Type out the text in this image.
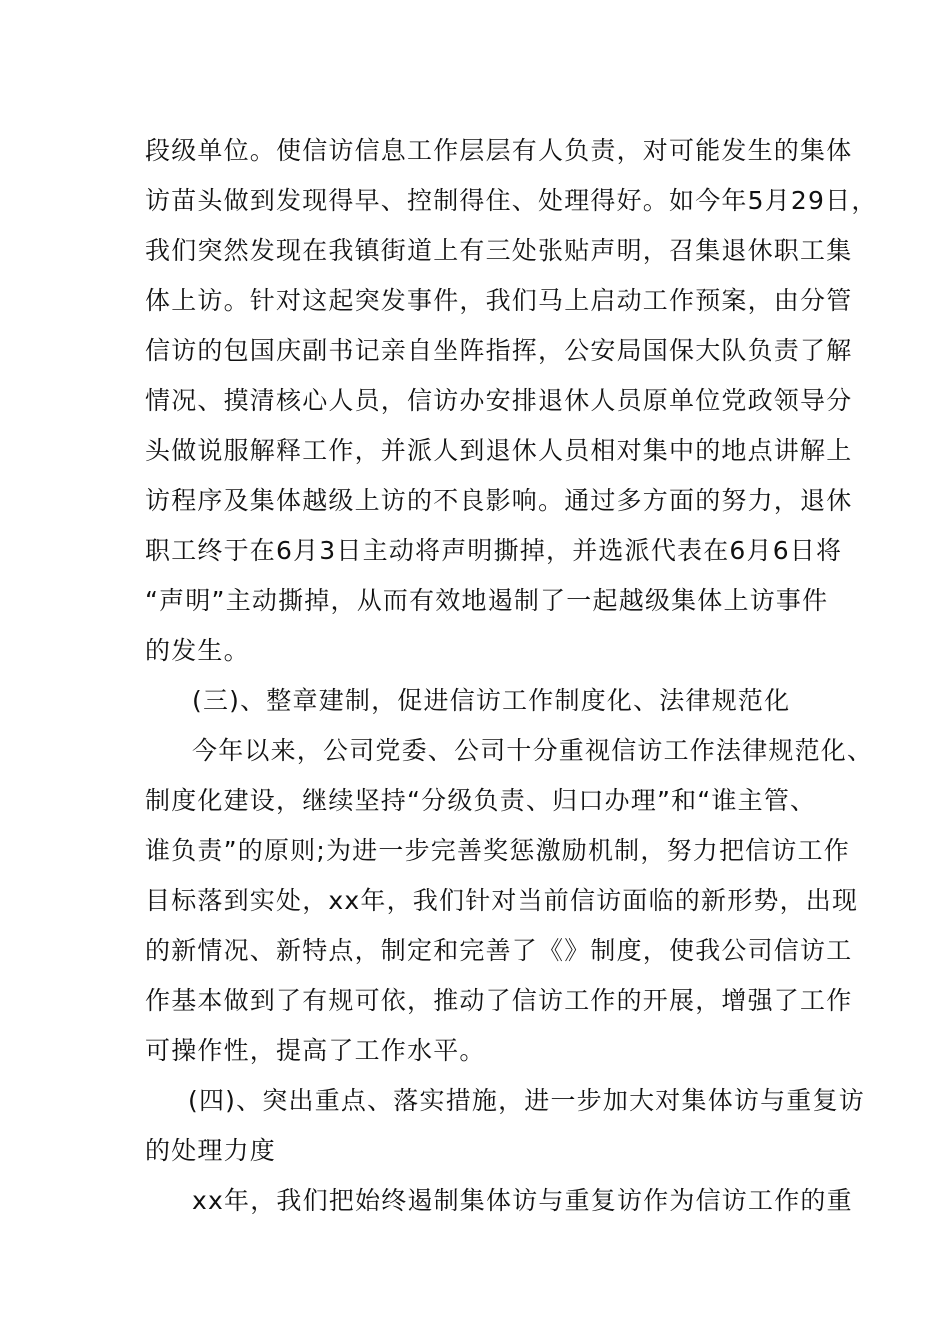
段级单位。使信访信息工作层层有人负责，对可能发生的集体
访苗头做到发现得早、控制得住、处理得好。如今年5月29日，
我们突然发现在我镇街道上有三处张贴声明，召集退休职工集
体上访。针对这起突发事件，我们马上启动工作预案，由分管
信访的包国庆副书记亲自坐阵指挥，公安局国保大队负责了解
情况、摸清核心人员，信访办安排退休人员原单位党政领导分
头做说服解释工作，并派人到退休人员相对集中的地点讲解上
访程序及集体越级上访的不良影响。通过多方面的努力，退休
职工终于在6月3日主动将声明撕掉，并选派代表在6月6日将
“声明”主动撕掉，从而有效地遏制了一起越级集体上访事件
的发生。
(三)、整章建制，促进信访工作制度化、法律规范化
今年以来，公司党委、公司十分重视信访工作法律规范化、
制度化建设，继续坚持“分级负责、归口办理”和“谁主管、
谁负责”的原则;为进一步完善奖惩激励机制，努力把信访工作
目标落到实处，xx年，我们针对当前信访面临的新形势，出现
的新情况、新特点，制定和完善了《》制度，使我公司信访工
作基本做到了有规可依，推动了信访工作的开展，增强了工作
可操作性，提高了工作水平。
(四)、突出重点、落实措施，进一步加大对集体访与重复访
的处理力度
xx年，我们把始终遏制集体访与重复访作为信访工作的重
